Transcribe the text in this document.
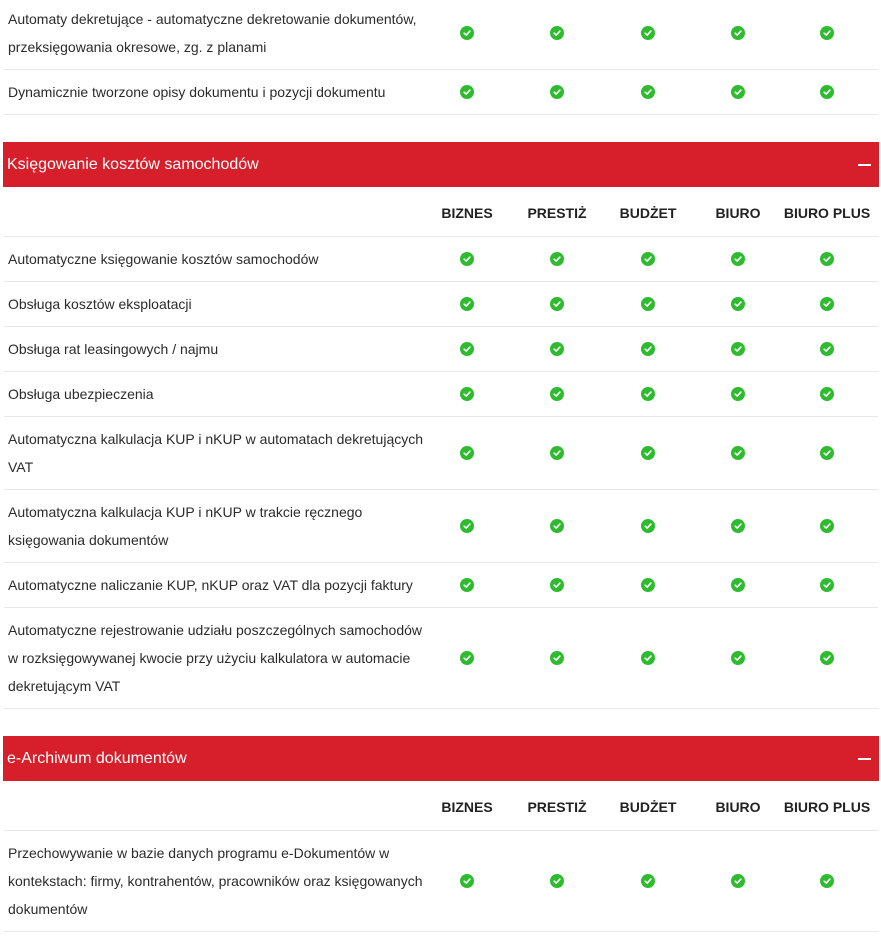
Automaty dekretujące - automatyczne dekretowanie dokumentów, przeksięgowania okresowe, zg. z planami
Dynamicznie tworzone opisy dokumentu i pozycji dokumentu
Księgowanie kosztów samochodów
BIZNES PRESTIŻ BUDŻET	BIURO BIURO PLUS
Automatyczne księgowanie kosztów samochodów
Obsługa kosztów eksploatacji
Obsługa rat leasingowych / najmu
Obsługa ubezpieczenia
Automatyczna kalkulacja KUP i nKUP w automatach dekretujących VAT
Automatyczna kalkulacja KUP i nKUP w trakcie ręcznego księgowania dokumentów
Automatyczne naliczanie KUP, nKUP oraz VAT dla pozycji faktury
Automatyczne rejestrowanie udziału poszczególnych samochodów w rozksięgowywanej kwocie przy użyciu kalkulatora w automacie dekretującym VAT
e-Archiwum dokumentów
BIZNES PRESTIŻ BUDŻET	BIURO BIURO PLUS
Przechowywanie w bazie danych programu e-Dokumentów w kontekstach: firmy, kontrahentów, pracowników oraz księgowanych dokumentów
